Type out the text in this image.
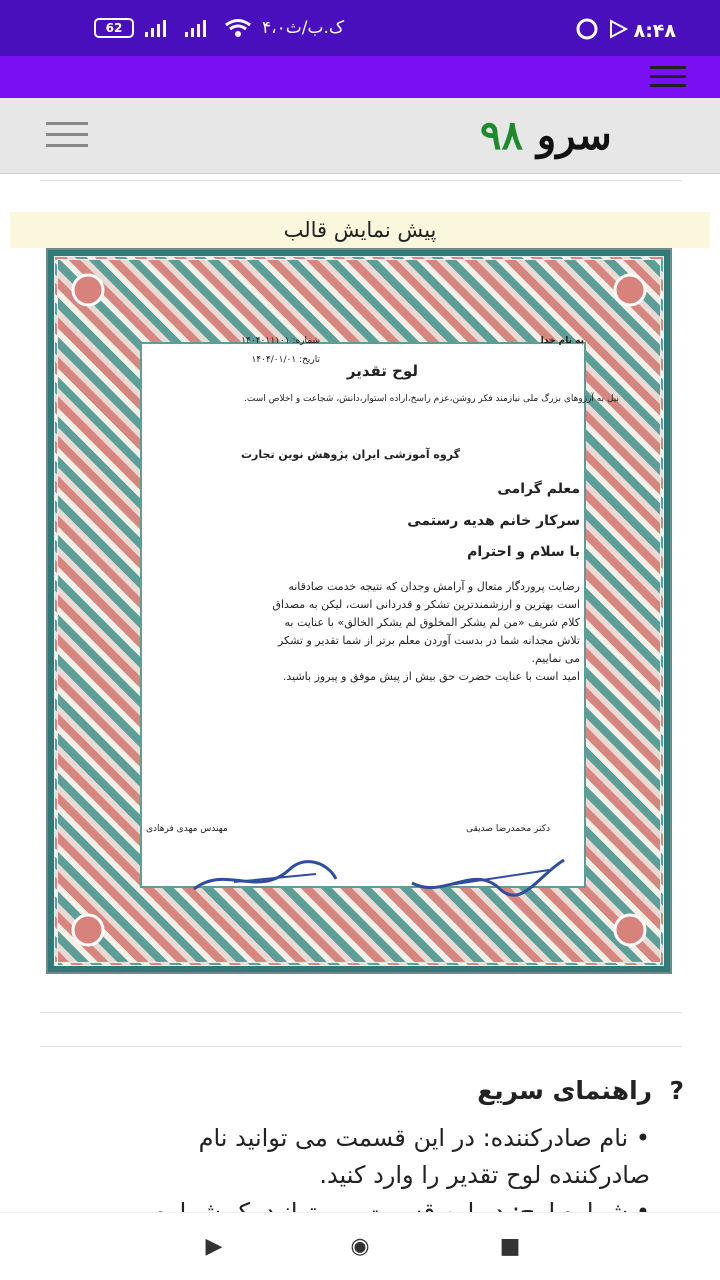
۸:۴۸
62	۴،۰ک.ب/ث
سرو ۹۸
پیش نمایش قالب
به نام خدا
شماره: ۱۴۰۴۰۱۱۱۰۱
تاریخ: ۱۴۰۴/۰۱/۰۱
لوح تقدیر
نیل به آرزوهای بزرگ ملی نیازمند فکر روشن،عزم راسخ،اراده استوار،دانش، شجاعت و اخلاص است.
گروه آموزشی ایران پژوهش نوین تجارت
معلم گرامی
سرکار خانم هدیه رستمی
با سلام و احترام
رضایت پروردگار متعال و آرامش وجدان که نتیجه خدمت صادقانه
است بهترین و ارزشمندترین تشکر و قدردانی است، لیکن به مصداق
کلام شریف «من لم یشکر المخلوق لم یشکر الخالق» با عنایت به
تلاش مجدانه شما در بدست آوردن معلم برتر از شما تقدیر و تشکر
می نماییم.
امید است با عنایت حضرت حق بیش از پیش موفق و پیروز باشید.
دکتر محمدرضا صدیقی
مهندس مهدی فرهادی
?  راهنمای سریع

• نام صادرکننده: در این قسمت می توانید نام

صادرکننده لوح تقدیر را وارد کنید.

▶	◉	■
